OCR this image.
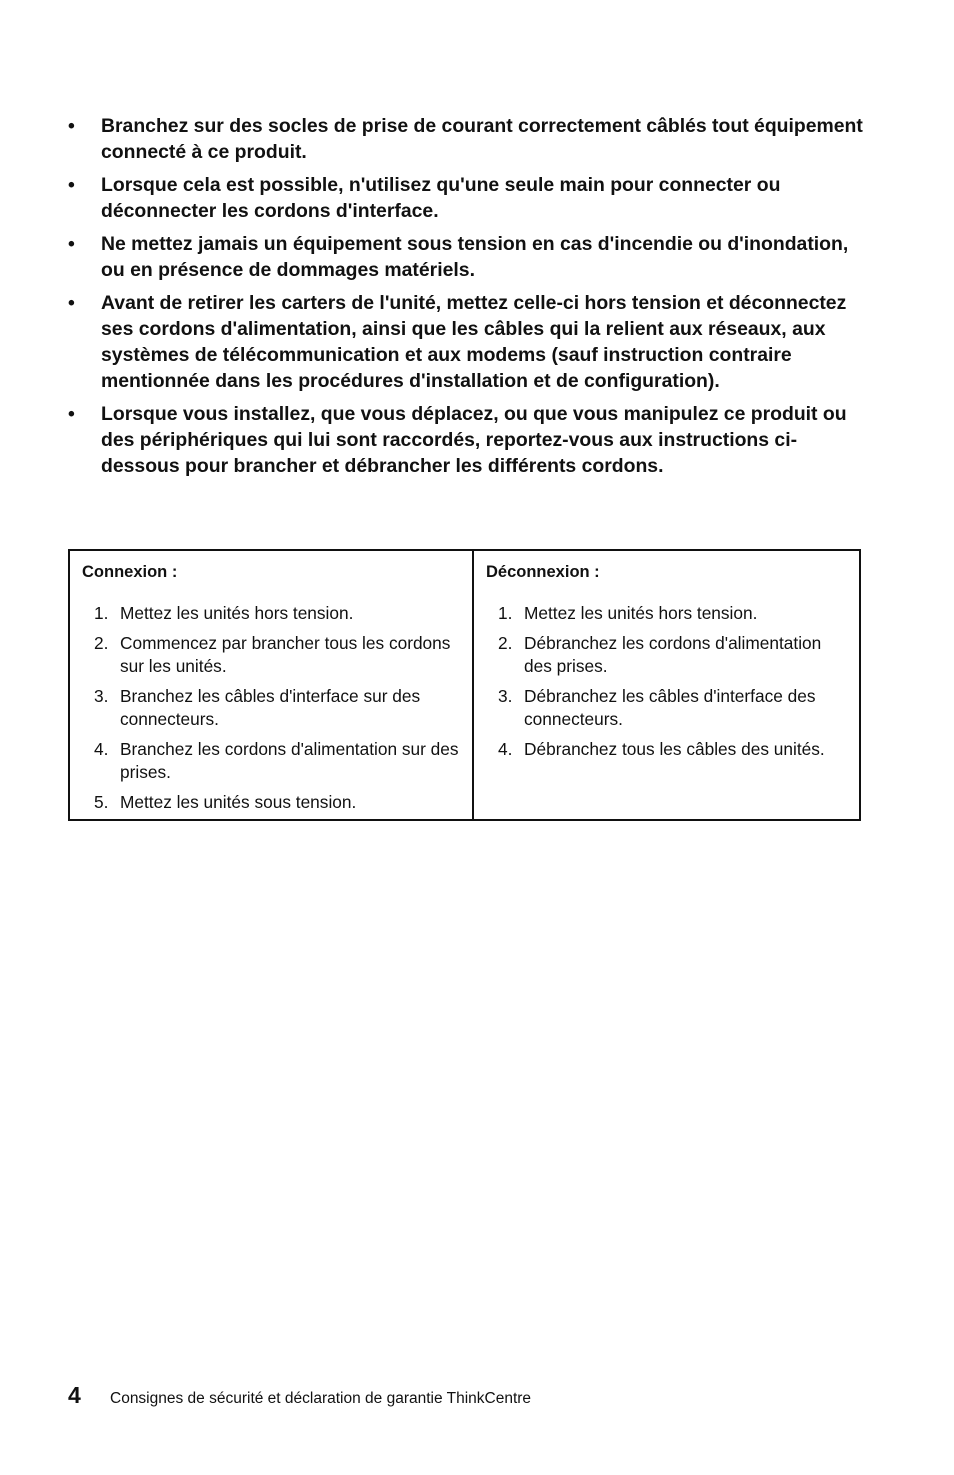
• Branchez sur des socles de prise de courant correctement câblés tout équipement connecté à ce produit.
• Lorsque cela est possible, n'utilisez qu'une seule main pour connecter ou déconnecter les cordons d'interface.
• Ne mettez jamais un équipement sous tension en cas d'incendie ou d'inondation, ou en présence de dommages matériels.
• Avant de retirer les carters de l'unité, mettez celle-ci hors tension et déconnectez ses cordons d'alimentation, ainsi que les câbles qui la relient aux réseaux, aux systèmes de télécommunication et aux modems (sauf instruction contraire mentionnée dans les procédures d'installation et de configuration).
• Lorsque vous installez, que vous déplacez, ou que vous manipulez ce produit ou des périphériques qui lui sont raccordés, reportez-vous aux instructions ci-dessous pour brancher et débrancher les différents cordons.
Connexion :
1. Mettez les unités hors tension.
2. Commencez par brancher tous les cordons sur les unités.
3. Branchez les câbles d'interface sur des connecteurs.
4. Branchez les cordons d'alimentation sur des prises.
5. Mettez les unités sous tension.
Déconnexion :
1. Mettez les unités hors tension.
2. Débranchez les cordons d'alimentation des prises.
3. Débranchez les câbles d'interface des connecteurs.
4. Débranchez tous les câbles des unités.
4	Consignes de sécurité et déclaration de garantie ThinkCentre
